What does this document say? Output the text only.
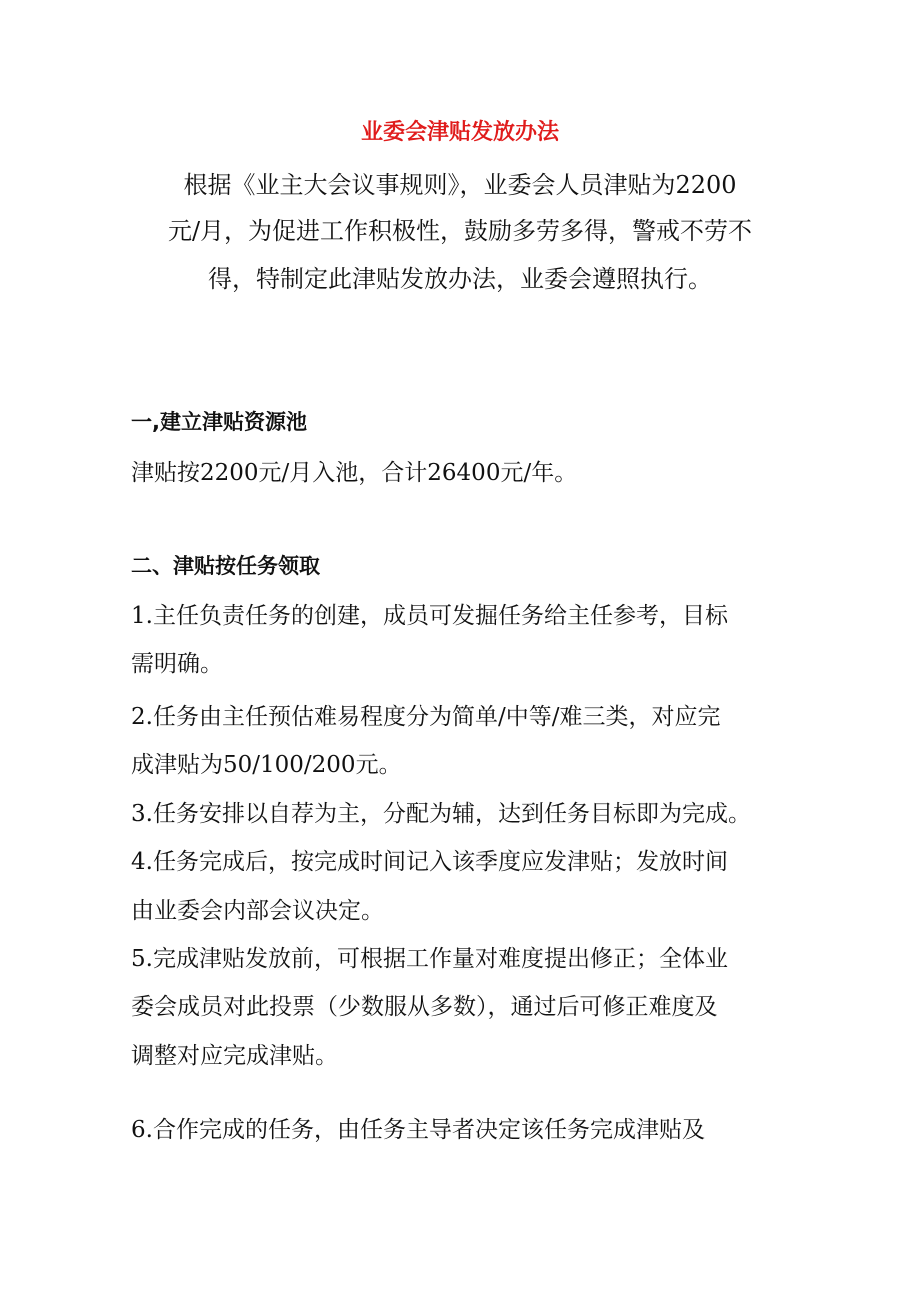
业委会津贴发放办法
根据《业主大会议事规则》，业委会人员津贴为2200
元/月，为促进工作积极性，鼓励多劳多得，警戒不劳不
得，特制定此津贴发放办法，业委会遵照执行。
一,建立津贴资源池
津贴按2200元/月入池，合计26400元/年。
二、津贴按任务领取
1.主任负责任务的创建，成员可发掘任务给主任参考，目标
需明确。
2.任务由主任预估难易程度分为简单/中等/难三类，对应完
成津贴为50/100/200元。
3.任务安排以自荐为主，分配为辅，达到任务目标即为完成。
4.任务完成后，按完成时间记入该季度应发津贴；发放时间
由业委会内部会议决定。
5.完成津贴发放前，可根据工作量对难度提出修正；全体业
委会成员对此投票（少数服从多数），通过后可修正难度及
调整对应完成津贴。
6.合作完成的任务，由任务主导者决定该任务完成津贴及
